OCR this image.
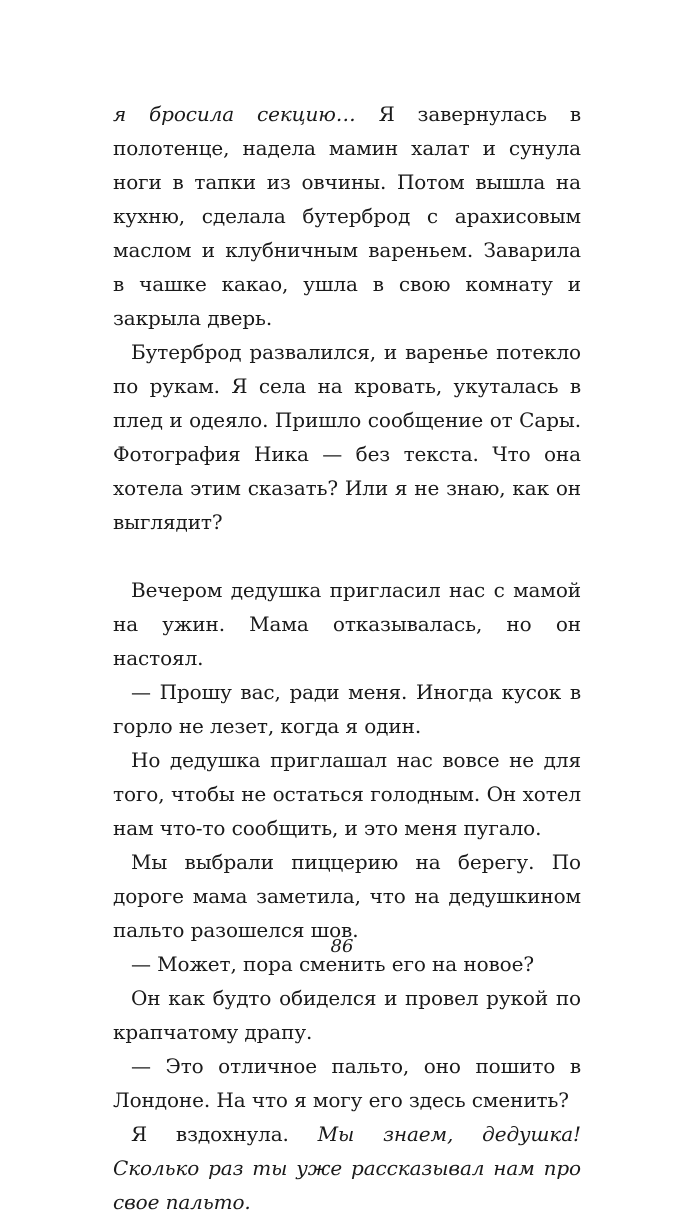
я бросила секцию… Я завернулась в полотенце, надела мамин халат и сунула ноги в тапки из овчины. Потом вышла на кухню, сделала бутерброд с арахисовым маслом и клубничным вареньем. Заварила в чашке какао, ушла в свою комнату и закрыла дверь.

Бутерброд развалился, и варенье потекло по рукам. Я села на кровать, укуталась в плед и одеяло. Пришло сообщение от Сары. Фотография Ника — без текста. Что она хотела этим сказать? Или я не знаю, как он выглядит?

Вечером дедушка пригласил нас с мамой на ужин. Мама отказывалась, но он настоял.

— Прошу вас, ради меня. Иногда кусок в горло не лезет, когда я один.

Но дедушка приглашал нас вовсе не для того, чтобы не остаться голодным. Он хотел нам что-то сообщить, и это меня пугало.

Мы выбрали пиццерию на берегу. По дороге мама заметила, что на дедушкином пальто разошелся шов.

— Может, пора сменить его на новое?

Он как будто обиделся и провел рукой по крапчатому драпу.

— Это отличное пальто, оно пошито в Лондоне. На что я могу его здесь сменить?

Я вздохнула. Мы знаем, дедушка! Сколько раз ты уже рассказывал нам про свое пальто.

86
